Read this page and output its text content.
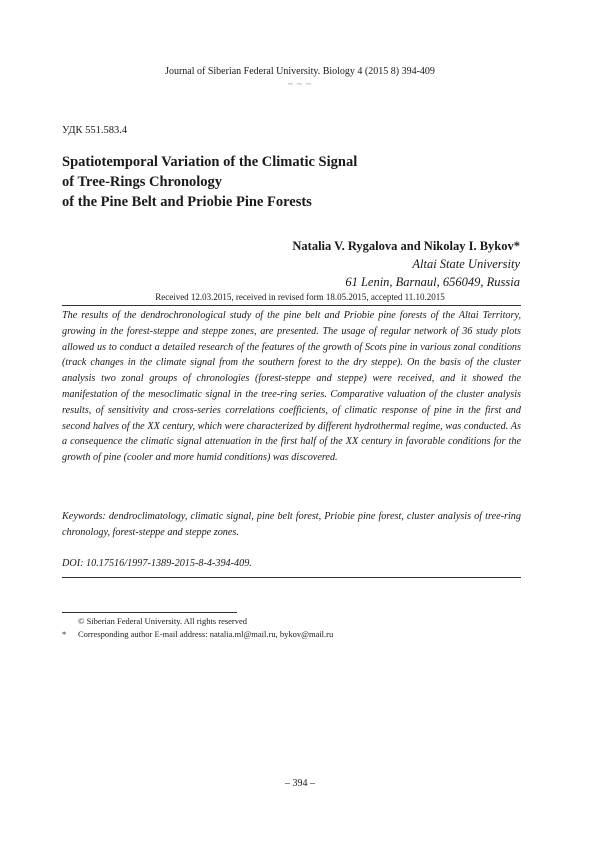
Journal of Siberian Federal University. Biology 4 (2015 8) 394-409
~ ~ ~
УДК 551.583.4
Spatiotemporal Variation of the Climatic Signal
of Tree-Rings Chronology
of the Pine Belt and Priobie Pine Forests
Natalia V. Rygalova and Nikolay I. Bykov*
Altai State University
61 Lenin, Barnaul, 656049, Russia
Received 12.03.2015, received in revised form 18.05.2015, accepted 11.10.2015
The results of the dendrochronological study of the pine belt and Priobie pine forests of the Altai Territory, growing in the forest-steppe and steppe zones, are presented. The usage of regular network of 36 study plots allowed us to conduct a detailed research of the features of the growth of Scots pine in various zonal conditions (track changes in the climate signal from the southern forest to the dry steppe). On the basis of the cluster analysis two zonal groups of chronologies (forest-steppe and steppe) were received, and it showed the manifestation of the mesoclimatic signal in the tree-ring series. Comparative valuation of the cluster analysis results, of sensitivity and cross-series correlations coefficients, of climatic response of pine in the first and second halves of the XX century, which were characterized by different hydrothermal regime, was conducted. As a consequence the climatic signal attenuation in the first half of the XX century in favorable conditions for the growth of pine (cooler and more humid conditions) was discovered.
Keywords: dendroclimatology, climatic signal, pine belt forest, Priobie pine forest, cluster analysis of tree-ring chronology, forest-steppe and steppe zones.
DOI: 10.17516/1997-1389-2015-8-4-394-409.
© Siberian Federal University. All rights reserved
* Corresponding author E-mail address: natalia.ml@mail.ru, bykov@mail.ru
– 394 –
